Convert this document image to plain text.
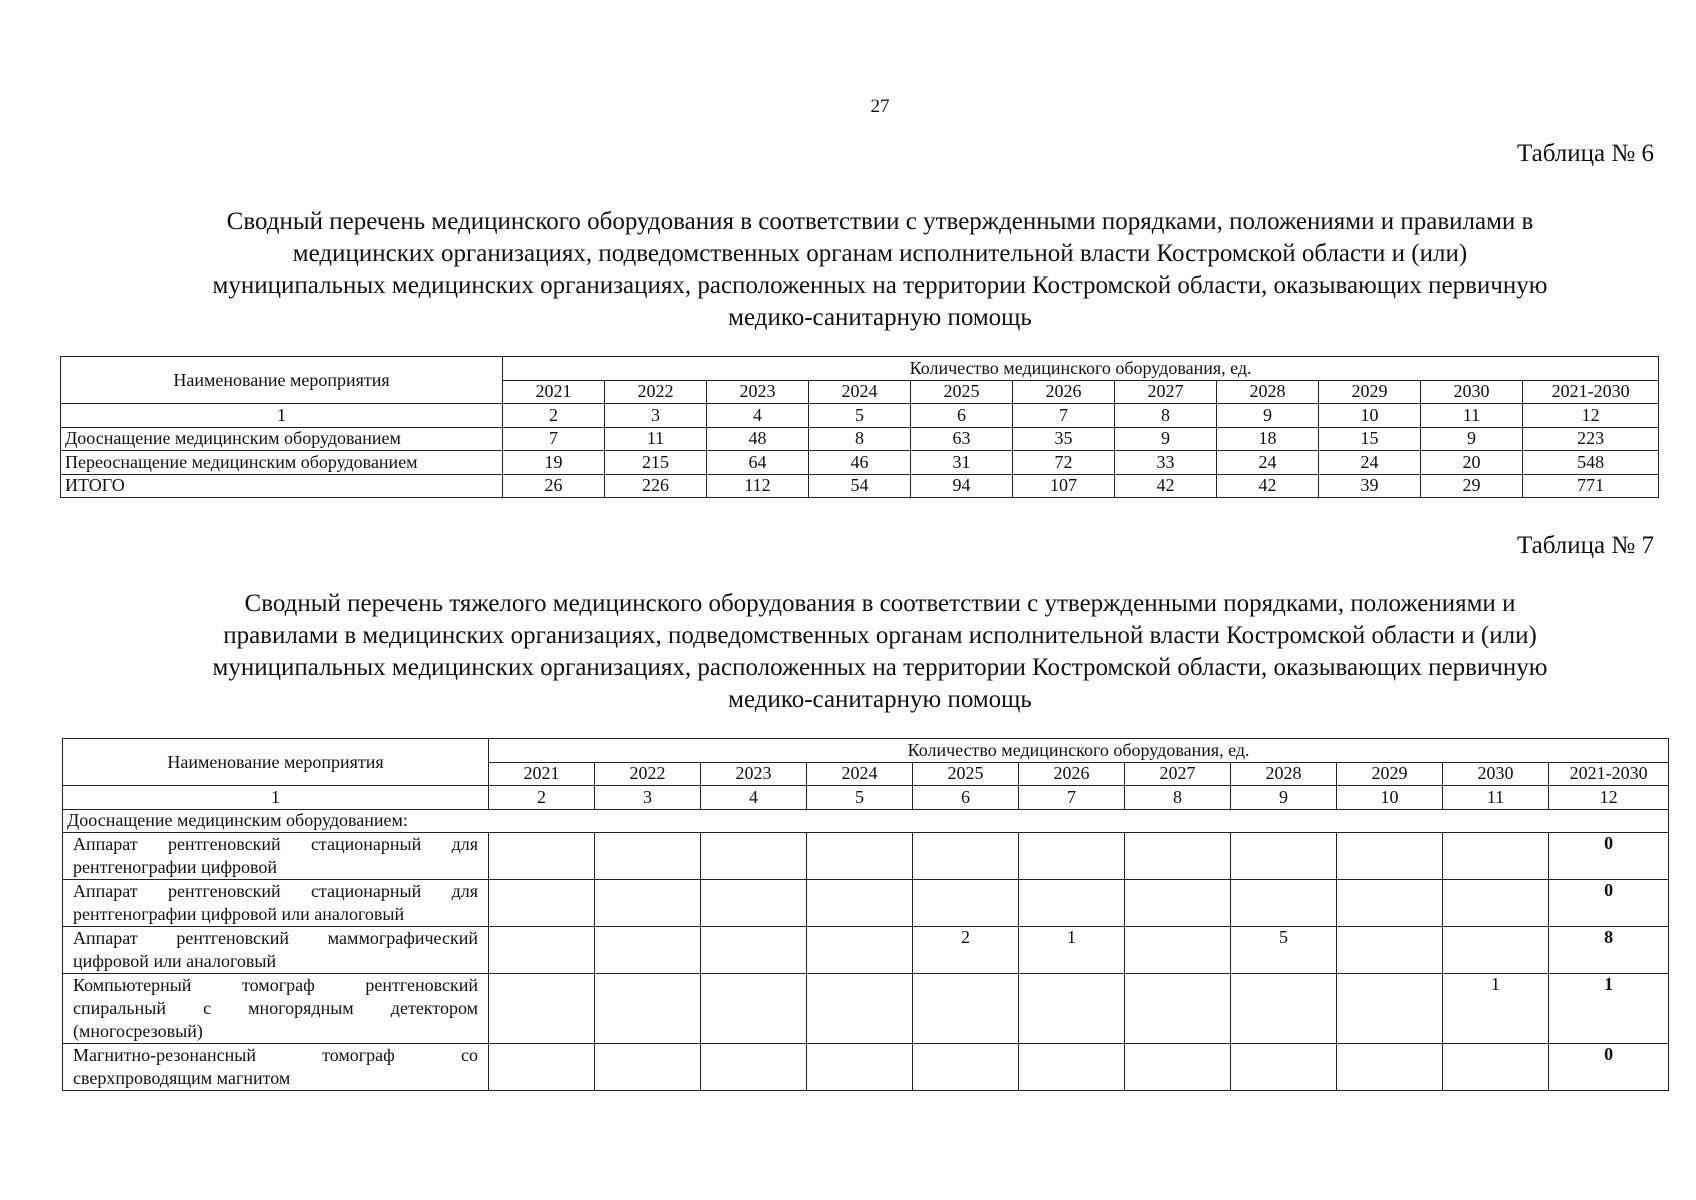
27
Таблица № 6
Сводный перечень медицинского оборудования в соответствии с утвержденными порядками, положениями и правилами в
медицинских организациях, подведомственных органам исполнительной власти Костромской области и (или)
муниципальных медицинских организациях, расположенных на территории Костромской области, оказывающих первичную
медико-санитарную помощь
Наименование мероприятия	Количество медицинского оборудования, ед.										
	2021	2022	2023	2024	2025	2026	2027	2028	2029	2030	2021-2030
1	2	3	4	5	6	7	8	9	10	11	12
Дооснащение медицинским оборудованием	7	11	48	8	63	35	9	18	15	9	223
Переоснащение медицинским оборудованием	19	215	64	46	31	72	33	24	24	20	548
ИТОГО	26	226	112	54	94	107	42	42	39	29	771
Таблица № 7
Сводный перечень тяжелого медицинского оборудования в соответствии с утвержденными порядками, положениями и
правилами в медицинских организациях, подведомственных органам исполнительной власти Костромской области и (или)
муниципальных медицинских организациях, расположенных на территории Костромской области, оказывающих первичную
медико-санитарную помощь
Наименование мероприятия	Количество медицинского оборудования, ед.										
	2021	2022	2023	2024	2025	2026	2027	2028	2029	2030	2021-2030
1	2	3	4	5	6	7	8	9	10	11	12
Дооснащение медицинским оборудованием:											
Аппарат рентгеновский стационарный для рентгенографии цифровой											0
Аппарат рентгеновский стационарный для рентгенографии цифровой или аналоговый											0
Аппарат рентгеновский маммографический цифровой или аналоговый					2	1		5			8
Компьютерный томограф рентгеновский спиральный с многорядным детектором (многосрезовый)										1	1
Магнитно-резонансный томограф со сверхпроводящим магнитом											0
